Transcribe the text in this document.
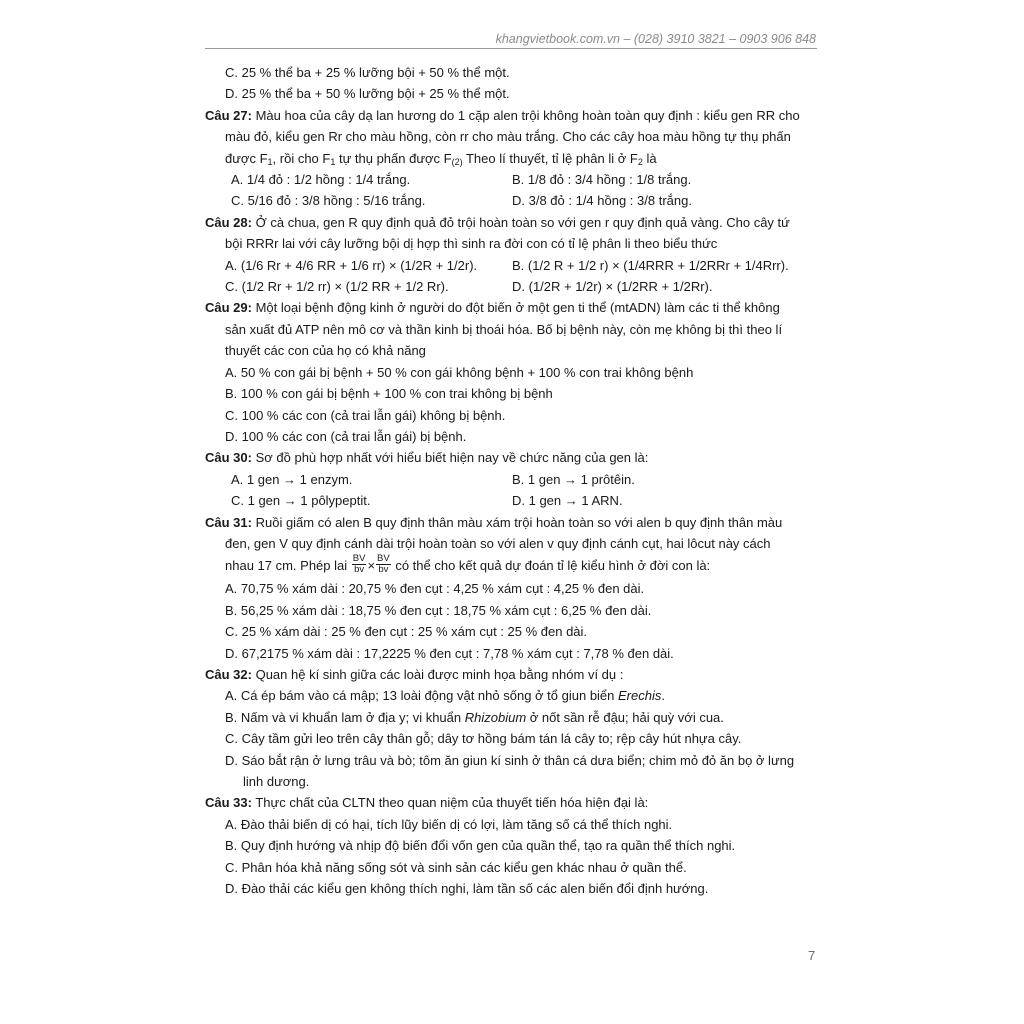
khangvietbook.com.vn – (028) 3910 3821 – 0903 906 848
C. 25 % thể ba + 25 % lưỡng bội + 50 % thể một.
D. 25 % thể ba + 50 % lưỡng bội + 25 % thể một.
Câu 27: Màu hoa của cây dạ lan hương do 1 cặp alen trội không hoàn toàn quy định : kiểu gen RR cho
màu đỏ, kiểu gen Rr cho màu hồng, còn rr cho màu trắng. Cho các cây hoa màu hồng tự thụ phấn
được $F_1$, rồi cho $F_1$ tự thụ phấn được $F_{(2)}$ Theo lí thuyết, tỉ lệ phân li ở $F_2$ là
A. 1/4 đỏ : 1/2 hồng : 1/4 trắng.	B. 1/8 đỏ : 3/4 hồng : 1/8 trắng.
C. 5/16 đỏ : 3/8 hồng : 5/16 trắng.	D. 3/8 đỏ : 1/4 hồng : 3/8 trắng.
Câu 28: Ở cà chua, gen R quy định quả đỏ trội hoàn toàn so với gen r quy định quả vàng. Cho cây tứ
bội RRRr lai với cây lưỡng bội dị hợp thì sinh ra đời con có tỉ lệ phân li theo biểu thức
A. (1/6 Rr + 4/6 RR + 1/6 rr) × (1/2R + 1/2r).	B. (1/2 R + 1/2 r) × (1/4RRR + 1/2RRr + 1/4Rrr).
C. (1/2 Rr + 1/2 rr) × (1/2 RR + 1/2 Rr).	D. (1/2R + 1/2r) × (1/2RR + 1/2Rr).
Câu 29: Một loại bệnh động kinh ở người do đột biến ở một gen ti thể (mtADN) làm các ti thể không
sản xuất đủ ATP nên mô cơ và thần kinh bị thoái hóa. Bố bị bệnh này, còn mẹ không bị thì theo lí
thuyết các con của họ có khả năng
A. 50 % con gái bị bệnh + 50 % con gái không bệnh + 100 % con trai không bệnh
B. 100 % con gái bị bệnh + 100 % con trai không bị bệnh
C. 100 % các con (cả trai lẫn gái) không bị bệnh.
D. 100 % các con (cả trai lẫn gái) bị bệnh.
Câu 30: Sơ đồ phù hợp nhất với hiểu biết hiện nay về chức năng của gen là:
A. 1 gen → 1 enzym.	B. 1 gen → 1 prôtêin.
C. 1 gen → 1 pôlypeptit.	D. 1 gen → 1 ARN.
Câu 31: Ruồi giấm có alen B quy định thân màu xám trội hoàn toàn so với alen b quy định thân màu
đen, gen V quy định cánh dài trội hoàn toàn so với alen v quy định cánh cụt, hai lôcut này cách
nhau 17 cm. Phép lai $\frac{BV}{bv} \times \frac{BV}{bv}$ có thể cho kết quả dự đoán tỉ lệ kiểu hình ở đời con là:
A. 70,75 % xám dài : 20,75 % đen cụt : 4,25 % xám cụt : 4,25 % đen dài.
B. 56,25 % xám dài : 18,75 % đen cụt : 18,75 % xám cụt : 6,25 % đen dài.
C. 25 % xám dài : 25 % đen cụt : 25 % xám cụt : 25 % đen dài.
D. 67,2175 % xám dài : 17,2225 % đen cụt : 7,78 % xám cụt : 7,78 % đen dài.
Câu 32: Quan hệ kí sinh giữa các loài được minh họa bằng nhóm ví dụ :
A. Cá ép bám vào cá mập; 13 loài động vật nhỏ sống ở tổ giun biển Erechis.
B. Nấm và vi khuẩn lam ở địa y; vi khuẩn Rhizobium ở nốt sần rễ đậu; hải quỳ với cua.
C. Cây tầm gửi leo trên cây thân gỗ; dây tơ hồng bám tán lá cây to; rệp cây hút nhựa cây.
D. Sáo bắt rận ở lưng trâu và bò; tôm ăn giun kí sinh ở thân cá dưa biển; chim mỏ đỏ ăn bọ ở lưng
linh dương.
Câu 33: Thực chất của CLTN theo quan niệm của thuyết tiến hóa hiện đại là:
A. Đào thải biến dị có hại, tích lũy biến dị có lợi, làm tăng số cá thể thích nghi.
B. Quy định hướng và nhịp độ biến đổi vốn gen của quần thể, tạo ra quần thể thích nghi.
C. Phân hóa khả năng sống sót và sinh sản các kiểu gen khác nhau ở quần thể.
D. Đào thải các kiểu gen không thích nghi, làm tần số các alen biến đổi định hướng.
7
